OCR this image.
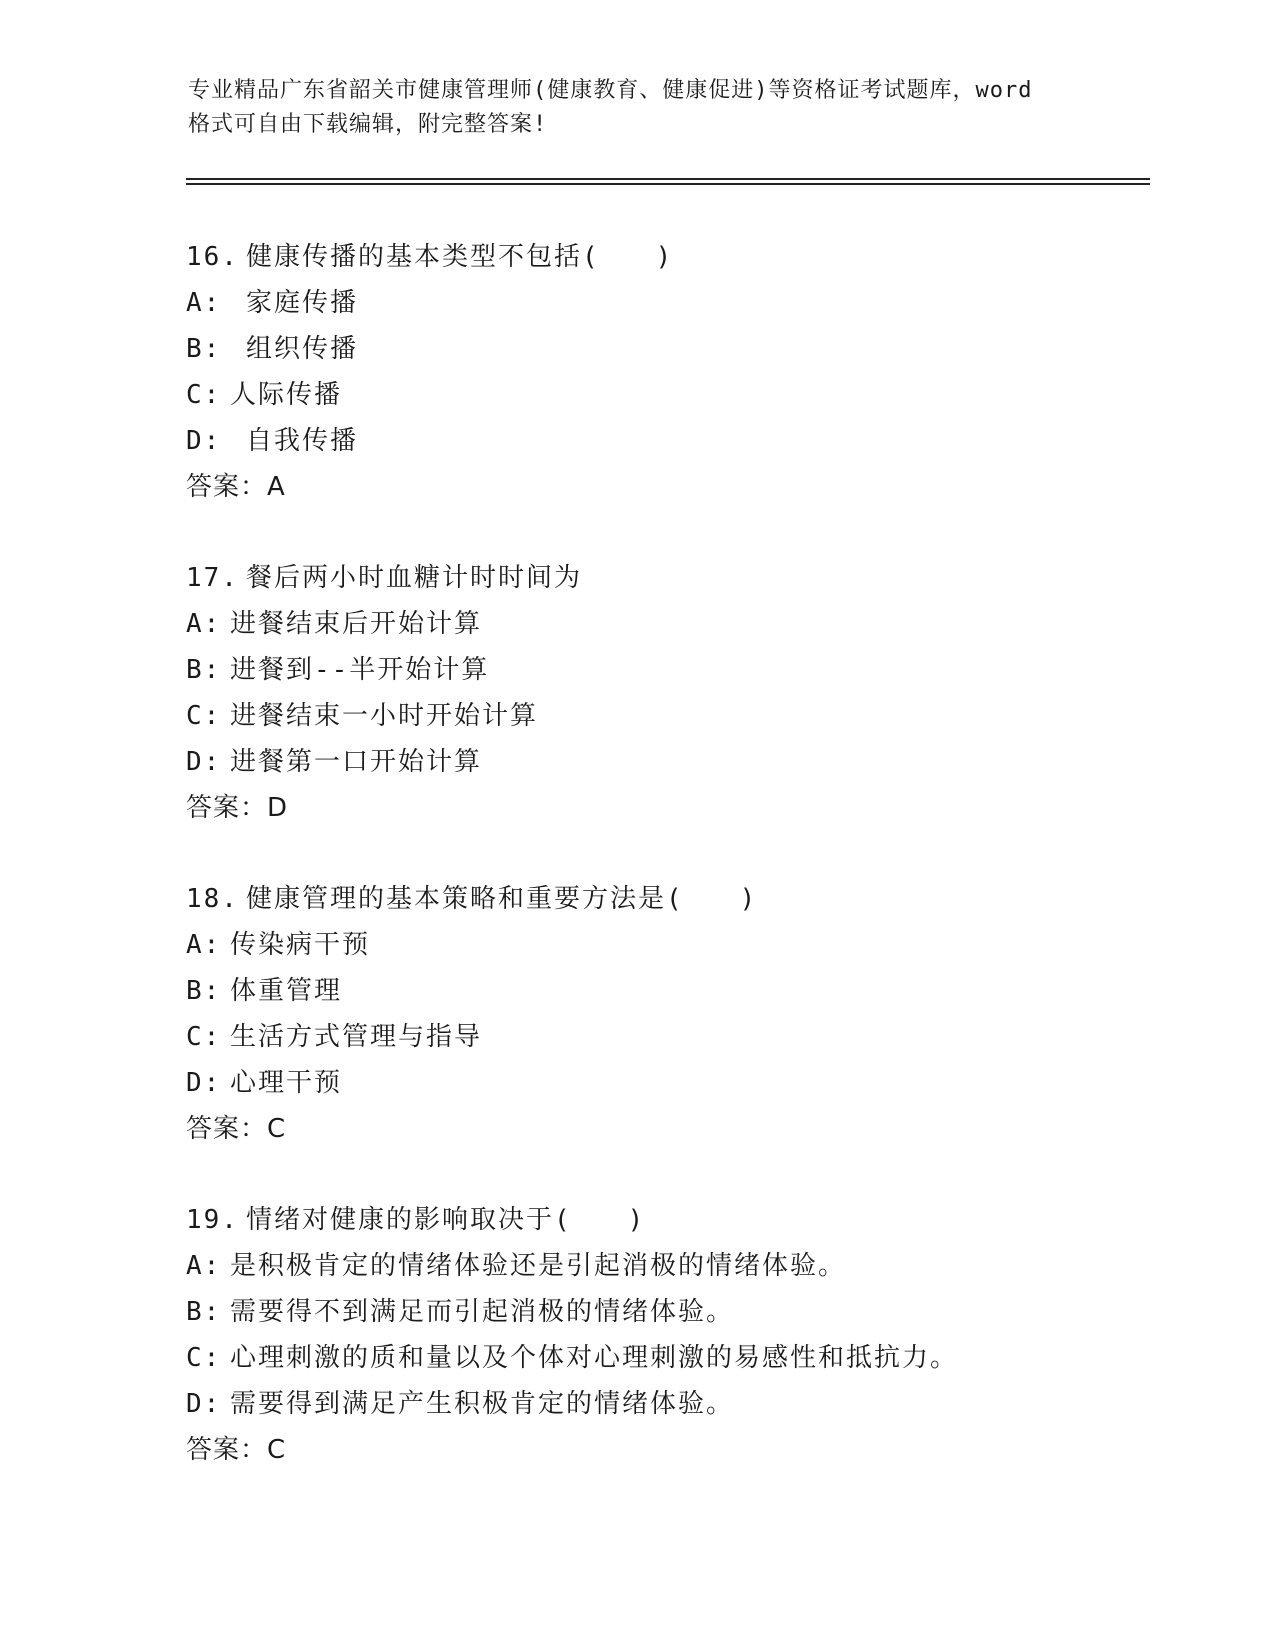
专业精品广东省韶关市健康管理师(健康教育、健康促进)等资格证考试题库，word
格式可自由下载编辑，附完整答案!
16. 健康传播的基本类型不包括(　　)
A: 家庭传播
B: 组织传播
C: 人际传播
D: 自我传播
答案：A
17. 餐后两小时血糖计时时间为
A: 进餐结束后开始计算
B: 进餐到--半开始计算
C: 进餐结束一小时开始计算
D: 进餐第一口开始计算
答案：D
18. 健康管理的基本策略和重要方法是(　　)
A: 传染病干预
B: 体重管理
C: 生活方式管理与指导
D: 心理干预
答案：C
19. 情绪对健康的影响取决于(　　)
A: 是积极肯定的情绪体验还是引起消极的情绪体验。
B: 需要得不到满足而引起消极的情绪体验。
C: 心理刺激的质和量以及个体对心理刺激的易感性和抵抗力。
D: 需要得到满足产生积极肯定的情绪体验。
答案：C
